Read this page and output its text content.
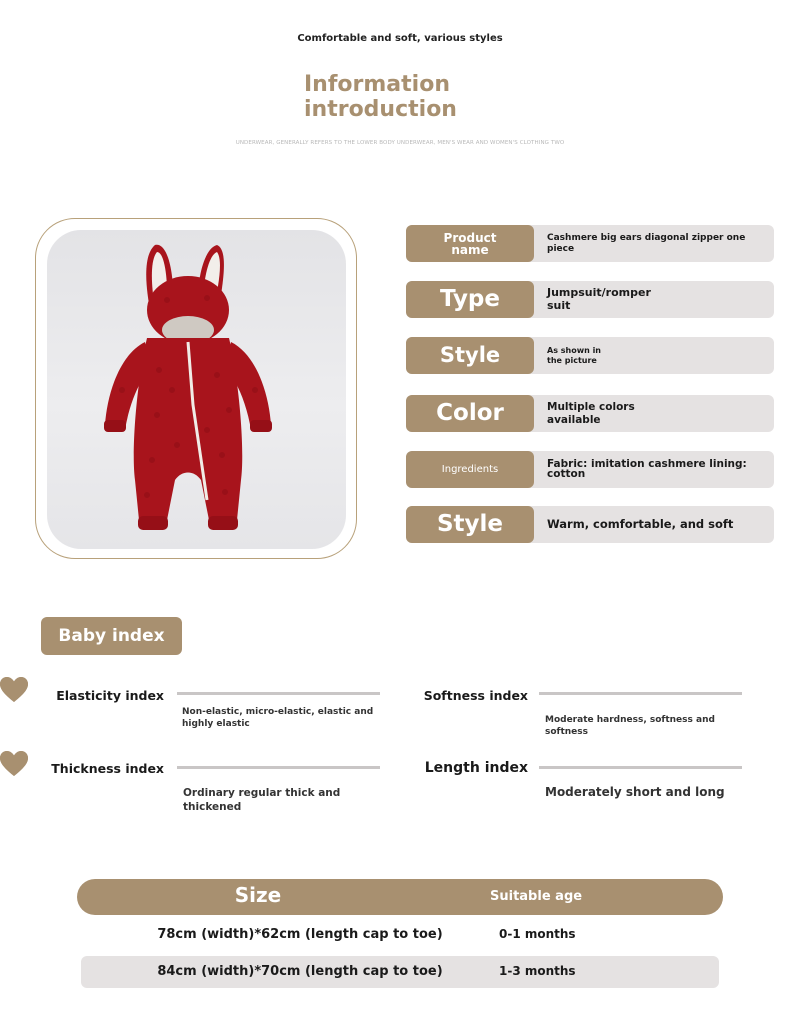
Comfortable and soft, various styles
Information
introduction
UNDERWEAR, GENERALLY REFERS TO THE LOWER BODY UNDERWEAR, MEN'S WEAR AND WOMEN'S CLOTHING TWO
Product name
Cashmere big ears diagonal zipper one piece
Type	Jumpsuit/romper suit
Style	As shown in the picture
Color	Multiple colors available
Ingredients	Fabric: imitation cashmere lining: cotton
Style	Warm, comfortable, and soft
Baby index
Elasticity index
Non-elastic, micro-elastic, elastic and highly elastic
Softness index
Moderate hardness, softness and softness
Thickness index
Ordinary regular thick and thickened
Length index
Moderately short and long
Size	Suitable age
78cm (width)*62cm (length cap to toe)	0-1 months
84cm (width)*70cm (length cap to toe)	1-3 months
